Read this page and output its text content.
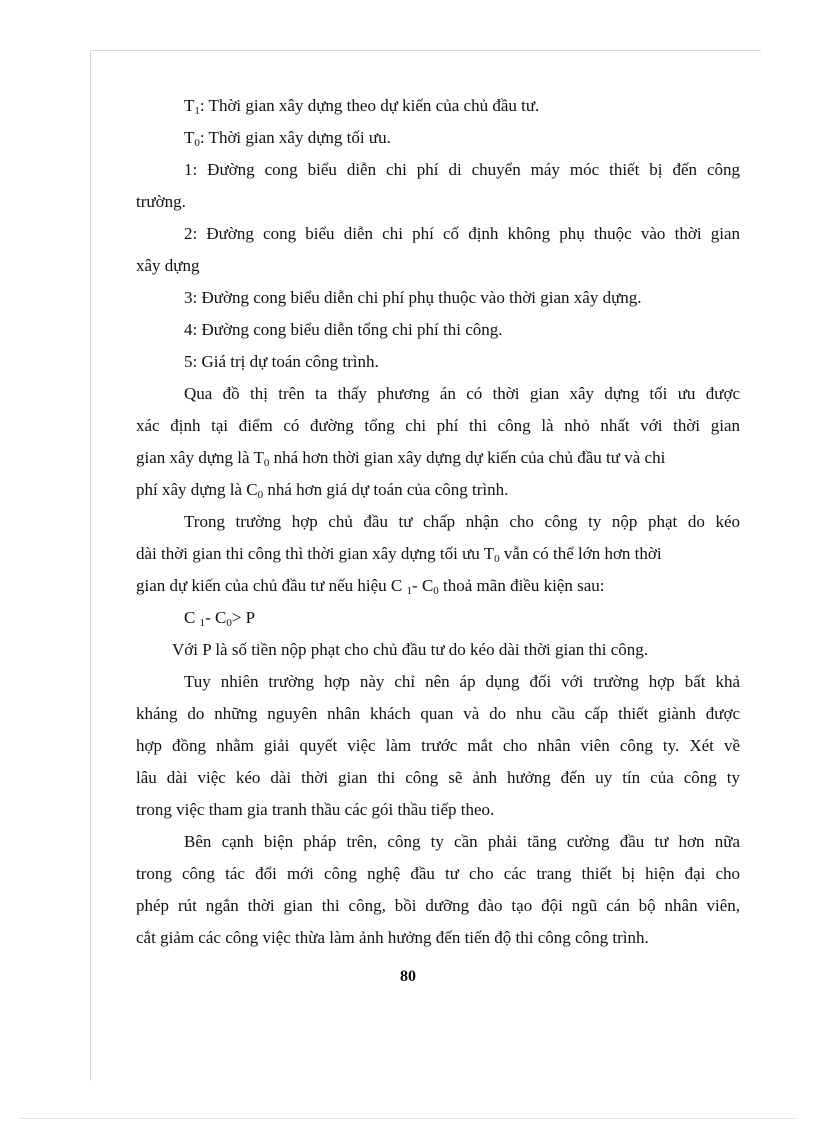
$T_1$: Thời gian xây dựng theo dự kiến của chủ đầu tư.
$T_0$: Thời gian xây dựng tối ưu.
1: Đường cong biểu diễn chi phí di chuyển máy móc thiết bị đến công
trường.
2: Đường cong biểu diễn chi phí cố định không phụ thuộc vào thời gian
xây dựng
3: Đường cong biểu diễn chi phí phụ thuộc vào thời gian xây dựng.
4: Đường cong biểu diễn tổng chi phí thi công.
5: Giá trị dự toán công trình.
Qua đồ thị trên ta thấy phương án có thời gian xây dựng tối ưu được
xác định tại điểm có đường tổng chi phí thi công là nhỏ nhất với thời gian
gian xây dựng là $T_0$ nhá hơn thời gian xây dựng dự kiến của chủ đầu tư và chi
phí xây dựng là $C_0$ nhá hơn giá dự toán của công trình.
Trong trường hợp chủ đầu tư chấp nhận cho công ty nộp phạt do kéo
dài thời gian thi công thì thời gian xây dựng tối ưu $T_0$ vẫn có thể lớn hơn thời
gian dự kiến của chủ đầu tư nếu hiệu C $_1$- $C_0$ thoả mãn điều kiện sau:
C $_1$- $C_0> P$
Với P là số tiền nộp phạt cho chủ đầu tư do kéo dài thời gian thi công.
Tuy nhiên trường hợp này chỉ nên áp dụng đối với trường hợp bất khả
kháng do những nguyên nhân khách quan và do nhu cầu cấp thiết giành được
hợp đồng nhằm giải quyết việc làm trước mắt cho nhân viên công ty. Xét về
lâu dài việc kéo dài thời gian thi công sẽ ảnh hưởng đến uy tín của công ty
trong việc tham gia tranh thầu các gói thầu tiếp theo.
Bên cạnh biện pháp trên, công ty cần phải tăng cường đầu tư hơn nữa
trong công tác đổi mới công nghệ đầu tư cho các trang thiết bị hiện đại cho
phép rút ngắn thời gian thi công, bồi dưỡng đào tạo đội ngũ cán bộ nhân viên,
cắt giảm các công việc thừa làm ảnh hưởng đến tiến độ thi công công trình.
80
